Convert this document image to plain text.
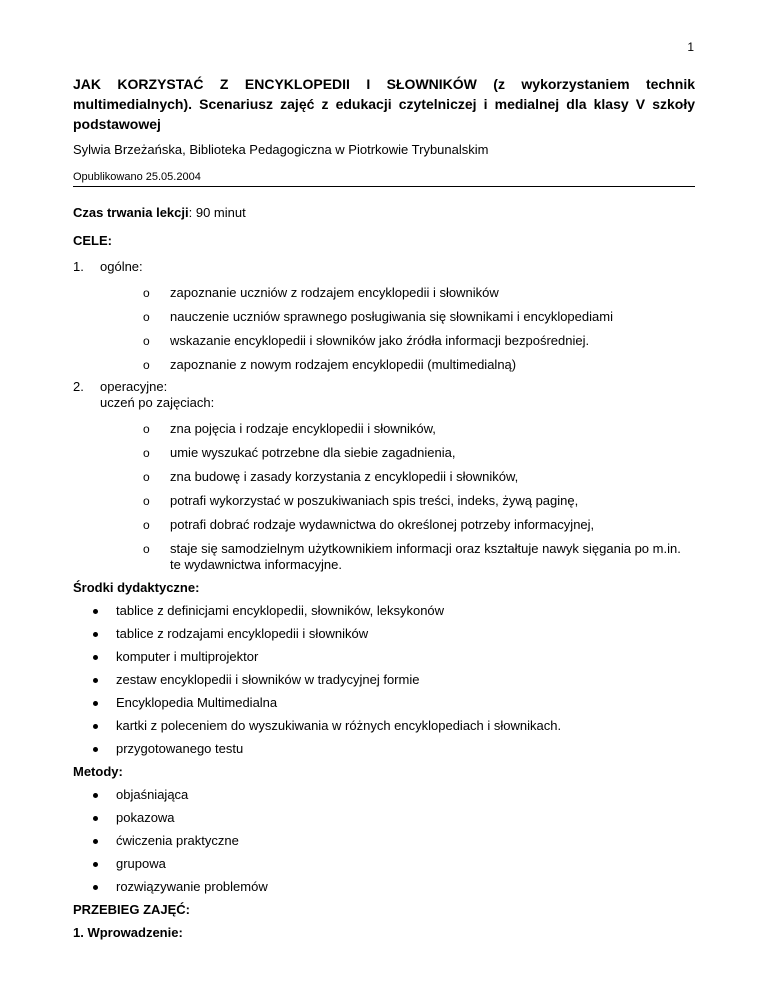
1

JAK KORZYSTAĆ Z ENCYKLOPEDII I SŁOWNIKÓW (z wykorzystaniem technik multimedialnych). Scenariusz zajęć z edukacji czytelniczej i medialnej dla klasy V szkoły podstawowej

Sylwia Brzeżańska, Biblioteka Pedagogiczna w Piotrkowie Trybunalskim

Opublikowano 25.05.2004

Czas trwania lekcji: 90 minut

CELE:

1. ogólne:
o zapoznanie uczniów z rodzajem encyklopedii i słowników
o nauczenie uczniów sprawnego posługiwania się słownikami i encyklopediami
o wskazanie encyklopedii i słowników jako źródła informacji bezpośredniej.
o zapoznanie z nowym rodzajem encyklopedii (multimedialną)
2. operacyjne:
uczeń po zajęciach:
o zna pojęcia i rodzaje encyklopedii i słowników,
o umie wyszukać potrzebne dla siebie zagadnienia,
o zna budowę i zasady korzystania z encyklopedii i słowników,
o potrafi wykorzystać w poszukiwaniach spis treści, indeks, żywą paginę,
o potrafi dobrać rodzaje wydawnictwa do określonej potrzeby informacyjnej,
o staje się samodzielnym użytkownikiem informacji oraz kształtuje nawyk sięgania po m.in. te wydawnictwa informacyjne.

Środki dydaktyczne:

tablice z definicjami encyklopedii, słowników, leksykonów
tablice z rodzajami encyklopedii i słowników
komputer i multiprojektor
zestaw encyklopedii i słowników w tradycyjnej formie
Encyklopedia Multimedialna
kartki z poleceniem do wyszukiwania w różnych encyklopediach i słownikach.
przygotowanego testu

Metody:

objaśniająca
pokazowa
ćwiczenia praktyczne
grupowa
rozwiązywanie problemów

PRZEBIEG ZAJĘĆ:

1. Wprowadzenie:
